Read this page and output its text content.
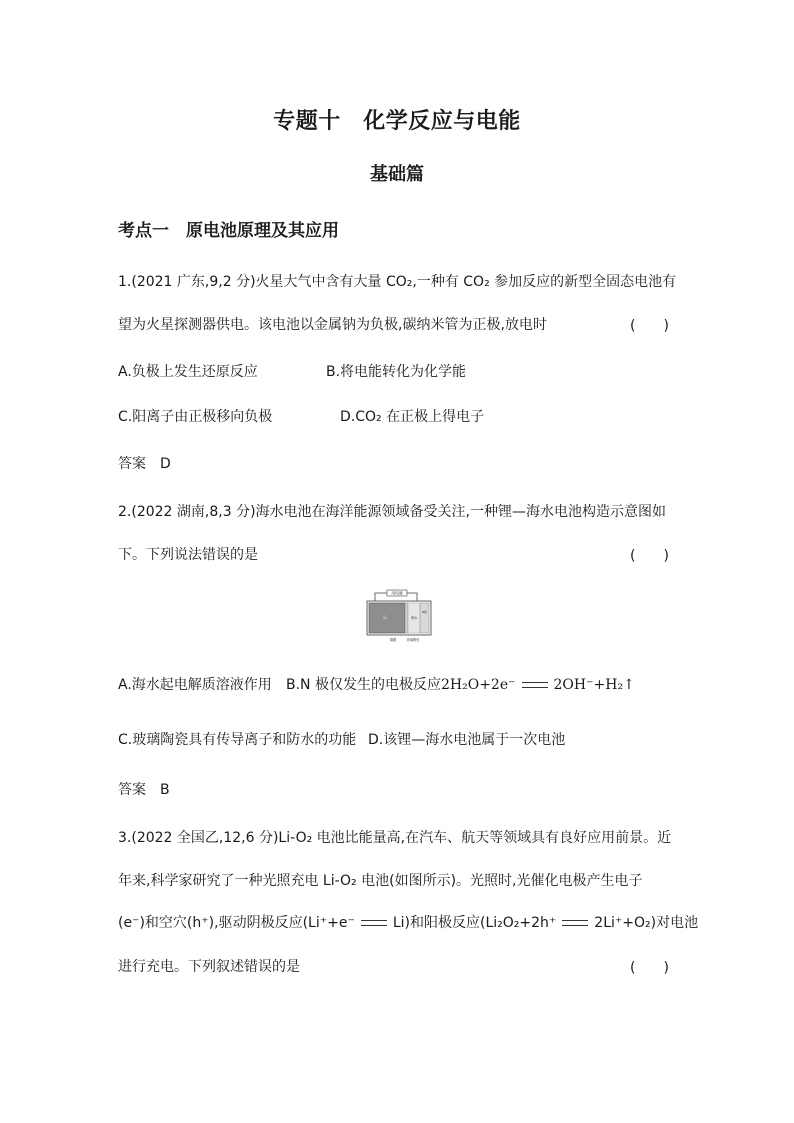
专题十　化学反应与电能
基础篇
考点一　原电池原理及其应用
1.(2021 广东,9,2 分)火星大气中含有大量 CO₂,一种有 CO₂ 参加反应的新型全固态电池有
望为火星探测器供电。该电池以金属钠为负极,碳纳米管为正极,放电时	(　　)
A.负极上发生还原反应	B.将电能转化为化学能
C.阳离子由正极移向负极	D.CO₂ 在正极上得电子
答案　D
2.(2022 湖南,8,3 分)海水电池在海洋能源领域备受关注,一种锂—海水电池构造示意图如
下。下列说法错误的是	(　　)
用电器
Li	海水
N极
隔膜	玻璃陶瓷
A.海水起电解质溶液作用 B.N 极仅发生的电极反应2H₂O+2e⁻	2OH⁻+H₂↑
C.玻璃陶瓷具有传导离子和防水的功能 D.该锂—海水电池属于一次电池
答案　B
3.(2022 全国乙,12,6 分)Li-O₂ 电池比能量高,在汽车、航天等领域具有良好应用前景。近
年来,科学家研究了一种光照充电 Li-O₂ 电池(如图所示)。光照时,光催化电极产生电子
(e⁻)和空穴(h⁺),驱动阴极反应(Li⁺+e⁻	Li)和阳极反应(Li₂O₂+2h⁺	2Li⁺+O₂)对电池
进行充电。下列叙述错误的是	(　　)
